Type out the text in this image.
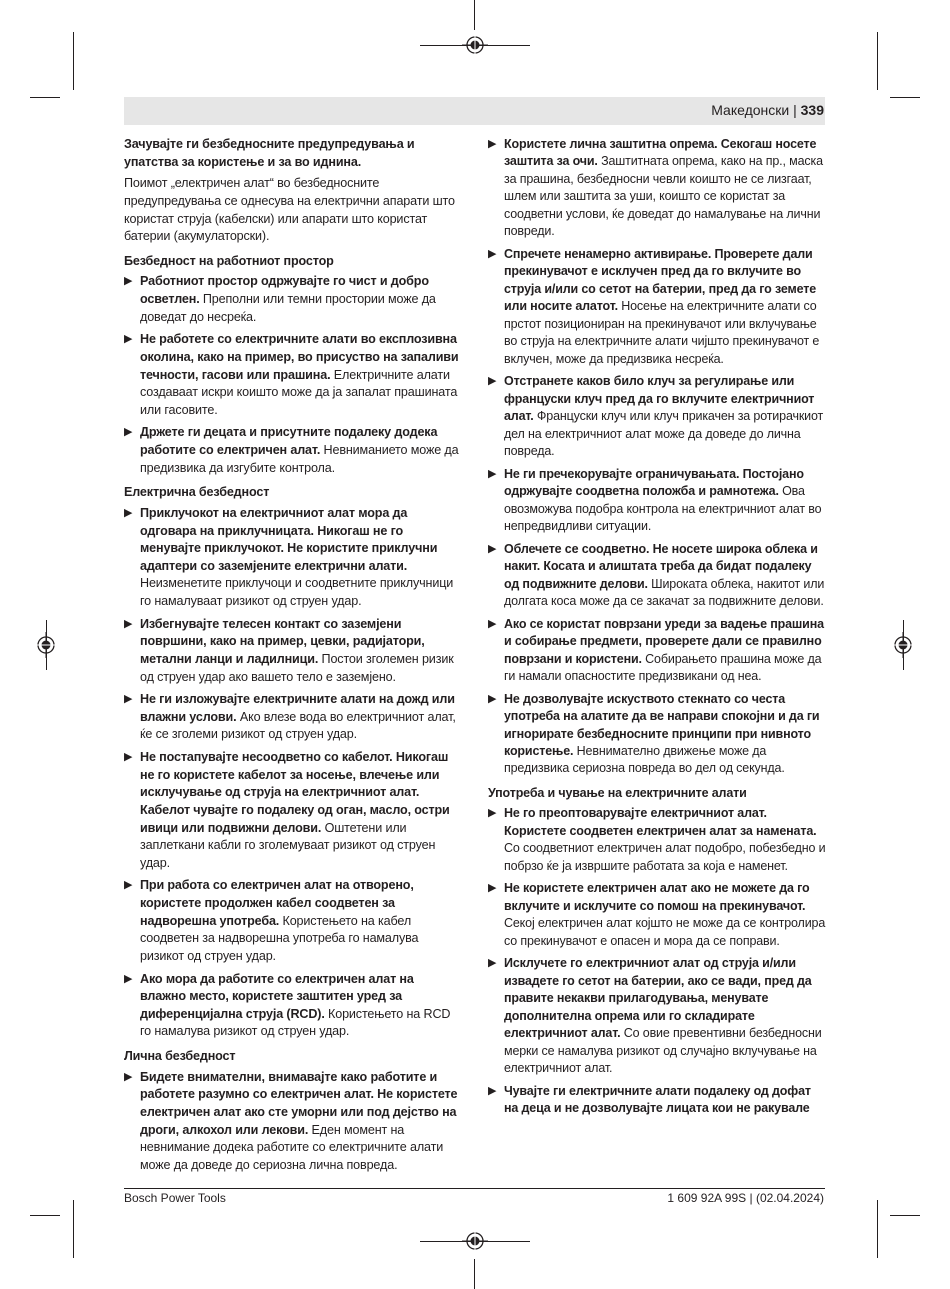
Македонски | 339

Зачувајте ги безбедносните предупредувања и упатства за користење и за во иднина.

Поимот „електричен алат“ во безбедносните предупредувања се однесува на електрични апарати што користат струја (кабелски) или апарати што користат батерии (акумулаторски).

Безбедност на работниот простор

▶ Работниот простор одржувајте го чист и добро осветлен. Преполни или темни простории може да доведат до несреќа.
▶ Не работете со електричните алати во експлозивна околина, како на пример, во присуство на запаливи течности, гасови или прашина. Електричните алати создаваат искри коишто може да ја запалат прашината или гасовите.
▶ Држете ги децата и присутните подалеку додека работите со електричен алат. Невниманието може да предизвика да изгубите контрола.

Електрична безбедност

▶ Приклучокот на електричниот алат мора да одговара на приклучницата. Никогаш не го менувајте приклучокот. Не користите приклучни адаптери со заземјените електрични алати. Неизменетите приклучоци и соодветните приклучници го намалуваат ризикот од струен удар.
▶ Избегнувајте телесен контакт со заземјени површини, како на пример, цевки, радијатори, метални ланци и ладилници. Постои зголемен ризик од струен удар ако вашето тело е заземјено.
▶ Не ги изложувајте електричните алати на дожд или влажни услови. Ако влезе вода во електричниот алат, ќе се зголеми ризикот од струен удар.
▶ Не постапувајте несоодветно со кабелот. Никогаш не го користете кабелот за носење, влечење или исклучување од струја на електричниот алат. Кабелот чувајте го подалеку од оган, масло, остри ивици или подвижни делови. Оштетени или заплеткани кабли го зголемуваат ризикот од струен удар.
▶ При работа со електричен алат на отворено, користете продолжен кабел соодветен за надворешна употреба. Користењето на кабел соодветен за надворешна употреба го намалува ризикот од струен удар.
▶ Ако мора да работите со електричен алат на влажно место, користете заштитен уред за диференцијална струја (RCD). Користењето на RCD го намалува ризикот од струен удар.

Лична безбедност

▶ Бидете внимателни, внимавајте како работите и работете разумно со електричен алат. Не користете електричен алат ако сте уморни или под дејство на дроги, алкохол или лекови. Еден момент на невнимание додека работите со електричните алати може да доведе до сериозна лична повреда.
▶ Користете лична заштитна опрема. Секогаш носете заштита за очи. Заштитната опрема, како на пр., маска за прашина, безбедносни чевли коишто не се лизгаат, шлем или заштита за уши, коишто се користат за соодветни услови, ќе доведат до намалување на лични повреди.
▶ Спречете ненамерно активирање. Проверете дали прекинувачот е исклучен пред да го вклучите во струја и/или со сетот на батерии, пред да го земете или носите алатот. Носење на електричните алати со прстот позициониран на прекинувачот или вклучување во струја на електричните алати чијшто прекинувачот е вклучен, може да предизвика несреќа.
▶ Отстранете каков било клуч за регулирање или француски клуч пред да го вклучите електричниот алат. Француски клуч или клуч прикачен за ротирачкиот дел на електричниот алат може да доведе до лична повреда.
▶ Не ги пречекорувајте ограничувањата. Постојано одржувајте соодветна положба и рамнотежа. Ова овозможува подобра контрола на електричниот алат во непредвидливи ситуации.
▶ Облечете се соодветно. Не носете широка облека и накит. Косата и алиштата треба да бидат подалеку од подвижните делови. Широката облека, накитот или долгата коса може да се закачат за подвижните делови.
▶ Ако се користат поврзани уреди за вадење прашина и собирање предмети, проверете дали се правилно поврзани и користени. Собирањето прашина може да ги намали опасностите предизвикани од неа.
▶ Не дозволувајте искуството стекнато со честа употреба на алатите да ве направи спокојни и да ги игнорирате безбедносните принципи при нивното користење. Невнимателно движење може да предизвика сериозна повреда во дел од секунда.

Употреба и чување на електричните алати

▶ Не го преоптоварувајте електричниот алат. Користете соодветен електричен алат за намената. Со соодветниот електричен алат подобро, побезбедно и побрзо ќе ја извршите работата за која е наменет.
▶ Не користете електричен алат ако не можете да го вклучите и исклучите со помош на прекинувачот. Секој електричен алат којшто не може да се контролира со прекинувачот е опасен и мора да се поправи.
▶ Исклучете го електричниот алат од струја и/или извадете го сетот на батерии, ако се вади, пред да правите некакви прилагодувања, менувате дополнителна опрема или го складирате електричниот алат. Со овие превентивни безбедносни мерки се намалува ризикот од случајно вклучување на електричниот алат.
▶ Чувајте ги електричните алати подалеку од дофат на деца и не дозволувајте лицата кои не ракувале
Bosch Power Tools	1 609 92A 99S | (02.04.2024)
